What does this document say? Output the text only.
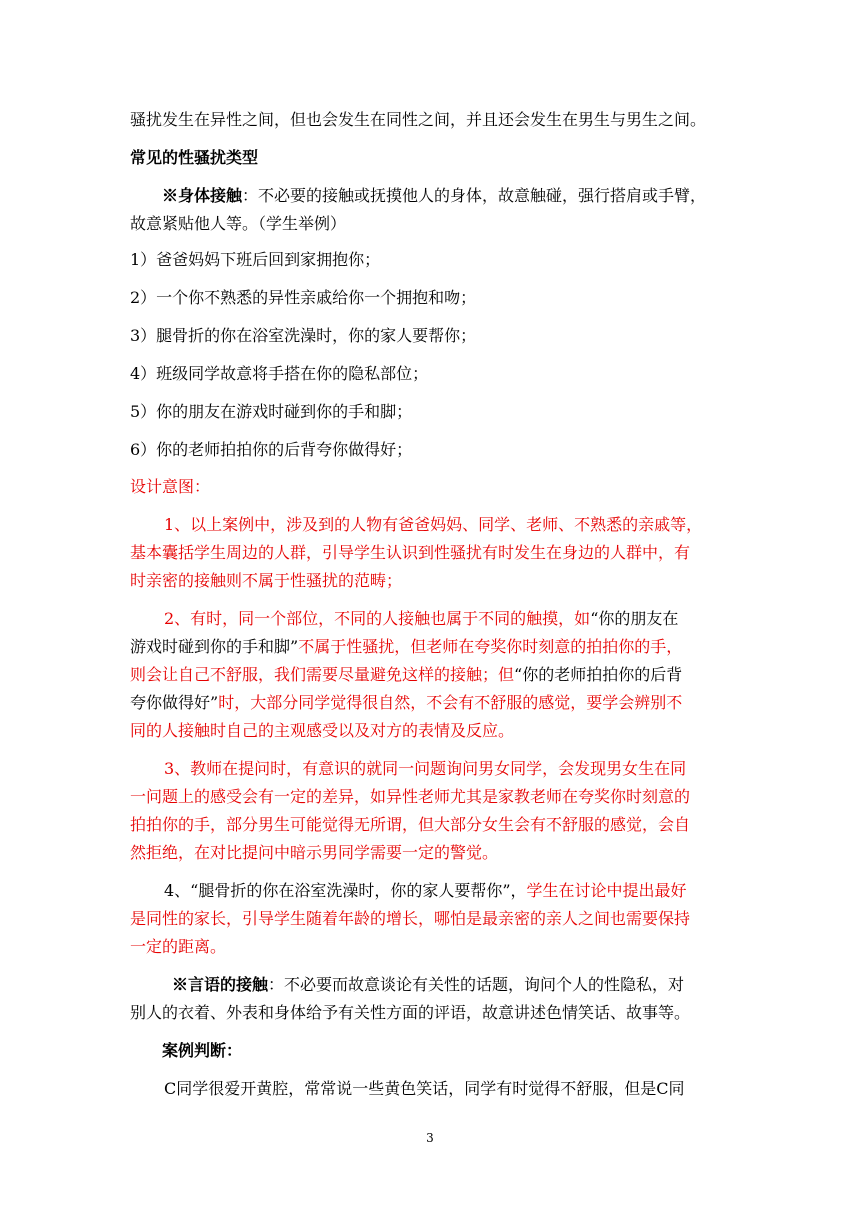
骚扰发生在异性之间，但也会发生在同性之间，并且还会发生在男生与男生之间。
常见的性骚扰类型
※身体接触：不必要的接触或抚摸他人的身体，故意触碰，强行搭肩或手臂，
故意紧贴他人等。（学生举例）
1）爸爸妈妈下班后回到家拥抱你；
2）一个你不熟悉的异性亲戚给你一个拥抱和吻；
3）腿骨折的你在浴室洗澡时，你的家人要帮你；
4）班级同学故意将手搭在你的隐私部位；
5）你的朋友在游戏时碰到你的手和脚；
6）你的老师拍拍你的后背夸你做得好；
设计意图：
1、以上案例中，涉及到的人物有爸爸妈妈、同学、老师、不熟悉的亲戚等，
基本囊括学生周边的人群，引导学生认识到性骚扰有时发生在身边的人群中，有
时亲密的接触则不属于性骚扰的范畴；
2、有时，同一个部位，不同的人接触也属于不同的触摸，如“你的朋友在
游戏时碰到你的手和脚”不属于性骚扰，但老师在夸奖你时刻意的拍拍你的手，
则会让自己不舒服，我们需要尽量避免这样的接触；但“你的老师拍拍你的后背
夸你做得好”时，大部分同学觉得很自然，不会有不舒服的感觉，要学会辨别不
同的人接触时自己的主观感受以及对方的表情及反应。
3、教师在提问时，有意识的就同一问题询问男女同学，会发现男女生在同
一问题上的感受会有一定的差异，如异性老师尤其是家教老师在夸奖你时刻意的
拍拍你的手，部分男生可能觉得无所谓，但大部分女生会有不舒服的感觉，会自
然拒绝，在对比提问中暗示男同学需要一定的警觉。
4、“腿骨折的你在浴室洗澡时，你的家人要帮你”，学生在讨论中提出最好
是同性的家长，引导学生随着年龄的增长，哪怕是最亲密的亲人之间也需要保持
一定的距离。
※言语的接触：不必要而故意谈论有关性的话题，询问个人的性隐私，对
别人的衣着、外表和身体给予有关性方面的评语，故意讲述色情笑话、故事等。
案例判断：
C同学很爱开黄腔，常常说一些黄色笑话，同学有时觉得不舒服，但是C同
3
